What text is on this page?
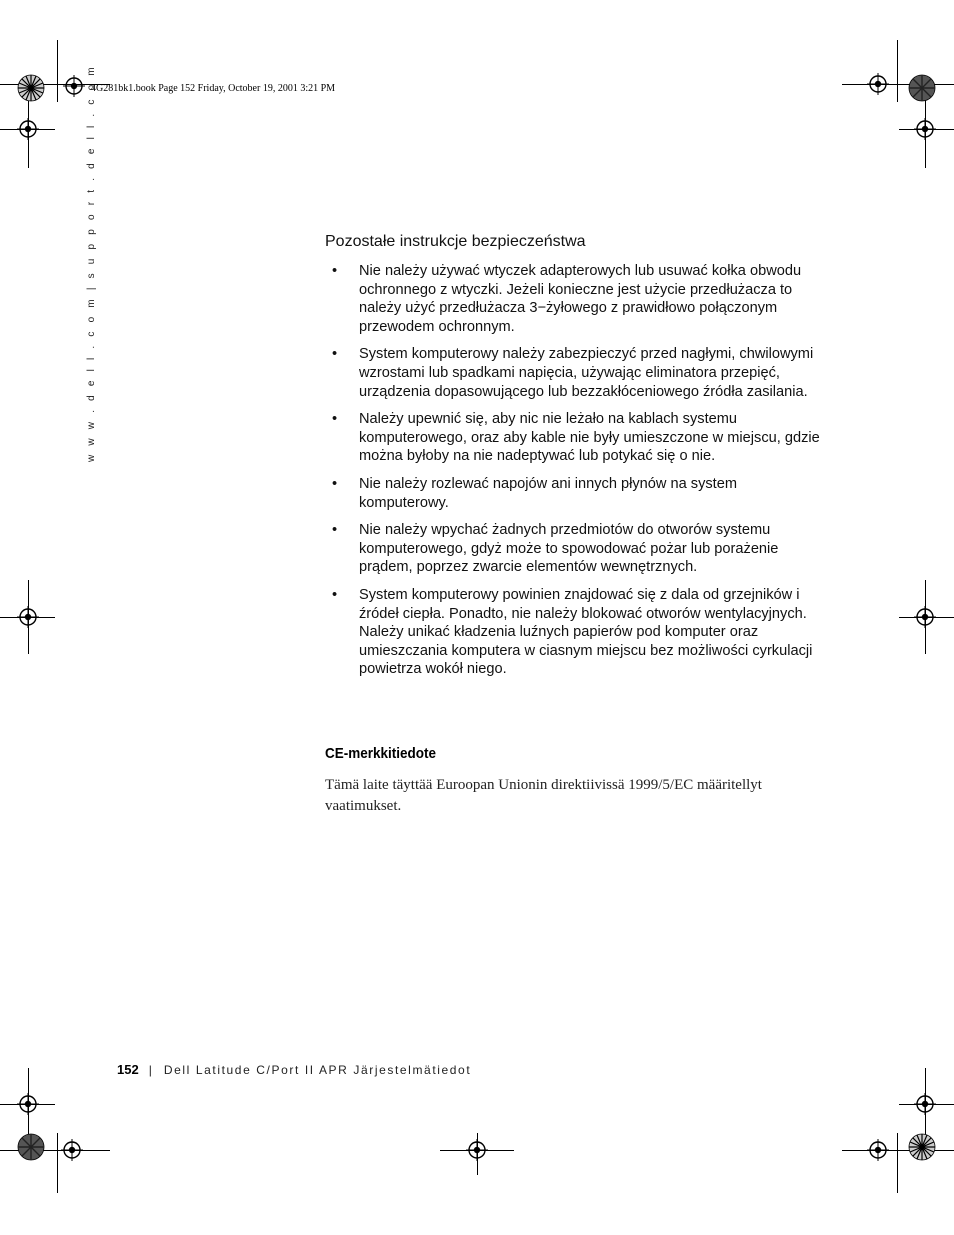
4G281bk1.book Page 152 Friday, October 19, 2001 3:21 PM
w w w . d e l l . c o m | s u p p o r t . d e l l . c o m	Pozostałe instrukcje bezpieczeństwa
• Nie należy używać wtyczek adapterowych lub usuwać kołka obwodu ochronnego z wtyczki. Jeżeli konieczne jest użycie przedłużacza to należy użyć przedłużacza 3−żyłowego z prawidłowo połączonym przewodem ochronnym.
• System komputerowy należy zabezpieczyć przed nagłymi, chwilowymi wzrostami lub spadkami napięcia, używając eliminatora przepięć, urządzenia dopasowującego lub bezzakłóceniowego źródła zasilania.
• Należy upewnić się, aby nic nie leżało na kablach systemu komputerowego, oraz aby kable nie były umieszczone w miejscu, gdzie można byłoby na nie nadeptywać lub potykać się o nie.
• Nie należy rozlewać napojów ani innych płynów na system komputerowy.
• Nie należy wpychać żadnych przedmiotów do otworów systemu komputerowego, gdyż może to spowodować pożar lub porażenie prądem, poprzez zwarcie elementów wewnętrznych.
• System komputerowy powinien znajdować się z dala od grzejników i źródeł ciepła. Ponadto, nie należy blokować otworów wentylacyjnych. Należy unikać kładzenia luźnych papierów pod komputer oraz umieszczania komputera w ciasnym miejscu bez możliwości cyrkulacji powietrza wokół niego.
CE-merkkitiedote
Tämä laite täyttää Euroopan Unionin direktiivissä 1999/5/EC määritellyt vaatimukset.
152 | Dell Latitude C/Port II APR Järjestelmätiedot
